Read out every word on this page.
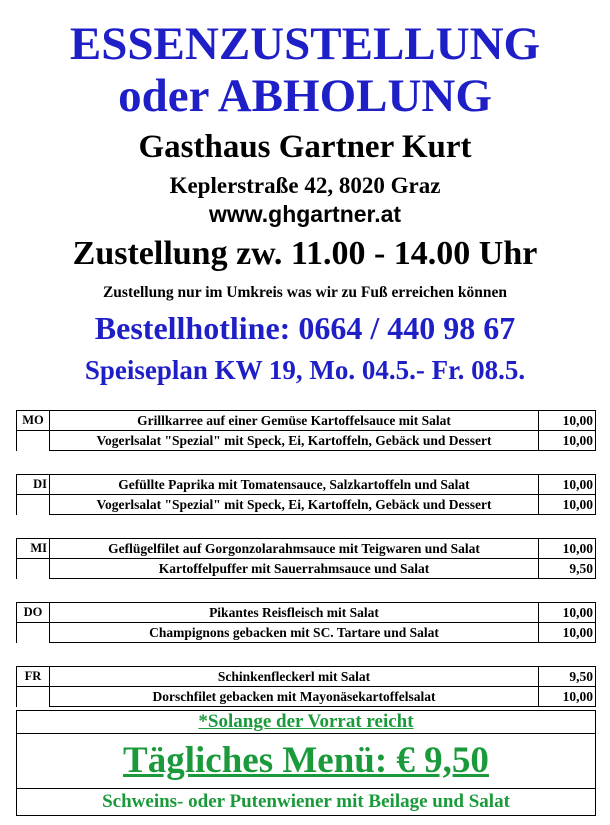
ESSENZUSTELLUNG
oder ABHOLUNG
Gasthaus Gartner Kurt
Keplerstraße 42, 8020 Graz
www.ghgartner.at
Zustellung zw. 11.00 - 14.00 Uhr
Zustellung nur im Umkreis was wir zu Fuß erreichen können
Bestellhotline: 0664 / 440 98 67
Speiseplan KW 19, Mo. 04.5.- Fr. 08.5.
MO	Grillkarree auf einer Gemüse Kartoffelsauce mit Salat	10,00
	Vogerlsalat "Spezial" mit Speck, Ei, Kartoffeln, Gebäck und Dessert	10,00
DI	Gefüllte Paprika mit Tomatensauce, Salzkartoffeln und Salat	10,00
	Vogerlsalat "Spezial" mit Speck, Ei, Kartoffeln, Gebäck und Dessert	10,00
MI	Geflügelfilet auf Gorgonzolarahmsauce mit Teigwaren und Salat	10,00
	Kartoffelpuffer mit Sauerrahmsauce und Salat	9,50
DO	Pikantes Reisfleisch mit Salat	10,00
	Champignons gebacken mit SC. Tartare und Salat	10,00
FR	Schinkenfleckerl mit Salat	9,50
	Dorschfilet gebacken mit Mayonäsekartoffelsalat	10,00
*Solange der Vorrat reicht
Tägliches Menü: € 9,50
Schweins- oder Putenwiener mit Beilage und Salat
